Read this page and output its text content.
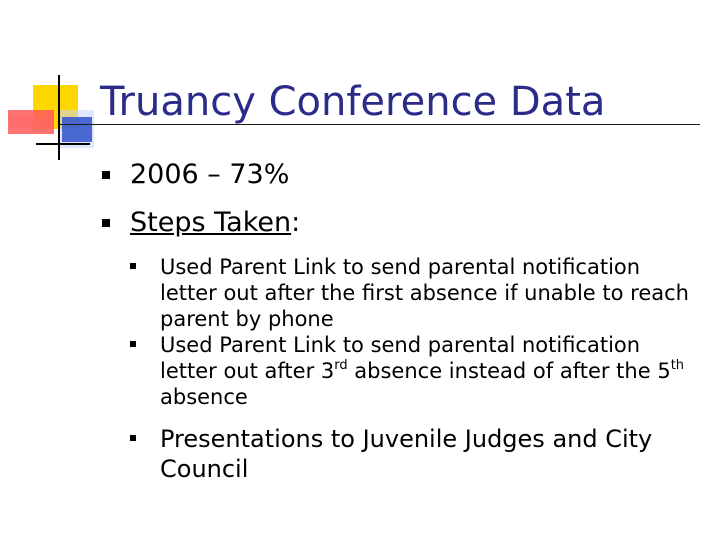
Truancy Conference Data
2006 – 73%
Steps Taken:
Used Parent Link to send parental notification letter out after the first absence if unable to reach parent by phone
Used Parent Link to send parental notification letter out after 3rd absence instead of after the 5th absence
Presentations to Juvenile Judges and City Council
